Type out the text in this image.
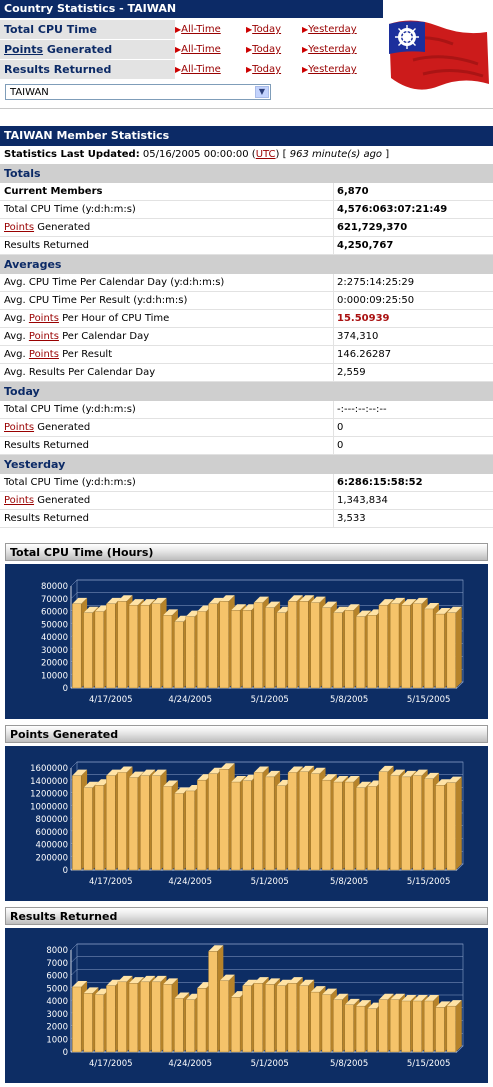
Country Statistics - TAIWAN
Total CPU Time	▶All-Time	▶Today	▶Yesterday
Points Generated	▶All-Time	▶Today	▶Yesterday
Results Returned	▶All-Time	▶Today	▶Yesterday
TAIWAN	▼
TAIWAN Member Statistics
Statistics Last Updated: 05/16/2005 00:00:00 (UTC) [ 963 minute(s) ago ]
Totals
Current Members	6,870
Total CPU Time (y:d:h:m:s)	4,576:063:07:21:49
Points Generated	621,729,370
Results Returned	4,250,767
Averages
Avg. CPU Time Per Calendar Day (y:d:h:m:s)	2:275:14:25:29
Avg. CPU Time Per Result (y:d:h:m:s)	0:000:09:25:50
Avg. Points Per Hour of CPU Time	15.50939
Avg. Points Per Calendar Day	374,310
Avg. Points Per Result	146.26287
Avg. Results Per Calendar Day	2,559
Today
Total CPU Time (y:d:h:m:s)	-:---:--:--:--
Points Generated	0
Results Returned	0
Yesterday
Total CPU Time (y:d:h:m:s)	6:286:15:58:52
Points Generated	1,343,834
Results Returned	3,533
Total CPU Time (Hours)
0
10000
20000
30000
40000
50000
60000
70000
80000
4/17/2005	4/24/2005	5/1/2005	5/8/2005	5/15/2005
Points Generated
0
200000
400000
600000
800000
1000000
1200000
1400000
1600000
4/17/2005	4/24/2005	5/1/2005	5/8/2005	5/15/2005
Results Returned
0
1000
2000
3000
4000
5000
6000
7000
8000
4/17/2005	4/24/2005	5/1/2005	5/8/2005	5/15/2005
